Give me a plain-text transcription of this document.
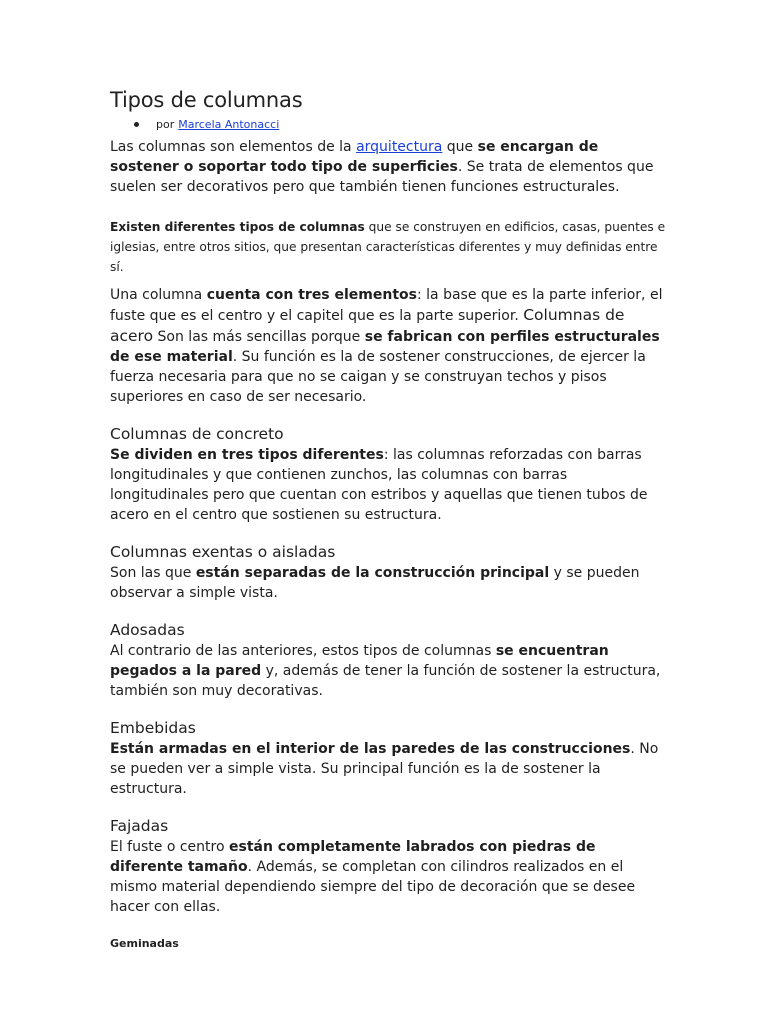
Tipos de columnas
por Marcela Antonacci

Las columnas son elementos de la arquitectura que se encargan de sostener o soportar todo tipo de superficies. Se trata de elementos que suelen ser decorativos pero que también tienen funciones estructurales.

Existen diferentes tipos de columnas que se construyen en edificios, casas, puentes e iglesias, entre otros sitios, que presentan características diferentes y muy definidas entre sí.

Una columna cuenta con tres elementos: la base que es la parte inferior, el fuste que es el centro y el capitel que es la parte superior. Columnas de acero Son las más sencillas porque se fabrican con perfiles estructurales de ese material. Su función es la de sostener construcciones, de ejercer la fuerza necesaria para que no se caigan y se construyan techos y pisos superiores en caso de ser necesario.

Columnas de concreto

Se dividen en tres tipos diferentes: las columnas reforzadas con barras longitudinales y que contienen zunchos, las columnas con barras longitudinales pero que cuentan con estribos y aquellas que tienen tubos de acero en el centro que sostienen su estructura.

Columnas exentas o aisladas

Son las que están separadas de la construcción principal y se pueden observar a simple vista.

Adosadas

Al contrario de las anteriores, estos tipos de columnas se encuentran pegados a la pared y, además de tener la función de sostener la estructura, también son muy decorativas.

Embebidas

Están armadas en el interior de las paredes de las construcciones. No se pueden ver a simple vista. Su principal función es la de sostener la estructura.

Fajadas

El fuste o centro están completamente labrados con piedras de diferente tamaño. Además, se completan con cilindros realizados en el mismo material dependiendo siempre del tipo de decoración que se desee hacer con ellas.

Geminadas
